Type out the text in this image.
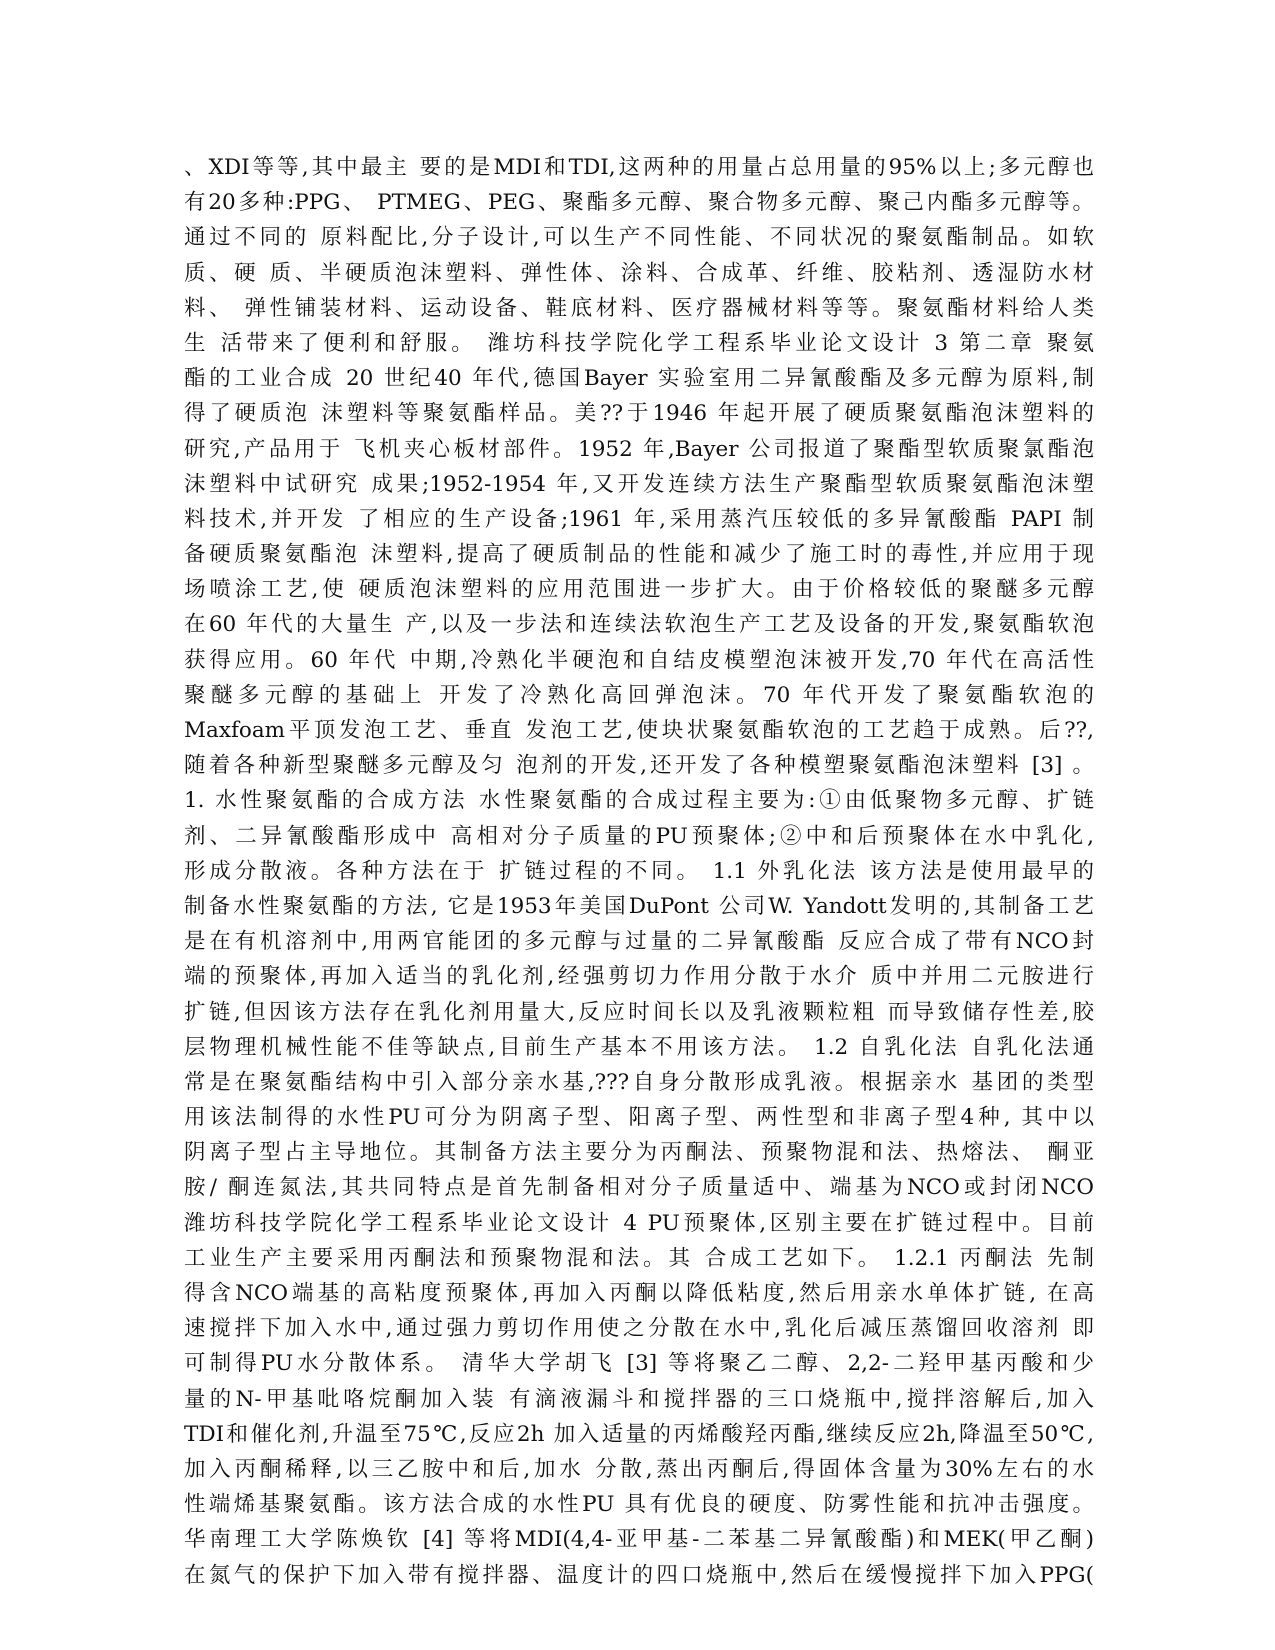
、XDI等等,其中最主 要的是MDI和TDI,这两种的用量占总用量的95%以上;多元醇也
有20多种:PPG、 PTMEG、PEG、聚酯多元醇、聚合物多元醇、聚己内酯多元醇等。
通过不同的 原料配比,分子设计,可以生产不同性能、不同状况的聚氨酯制品。如软
质、硬 质、半硬质泡沫塑料、弹性体、涂料、合成革、纤维、胶粘剂、透湿防水材
料、 弹性铺装材料、运动设备、鞋底材料、医疗器械材料等等。聚氨酯材料给人类
生 活带来了便利和舒服。 潍坊科技学院化学工程系毕业论文设计 3 第二章 聚氨
酯的工业合成 20 世纪40 年代,德国Bayer 实验室用二异氰酸酯及多元醇为原料,制
得了硬质泡 沫塑料等聚氨酯样品。美??于1946 年起开展了硬质聚氨酯泡沫塑料的
研究,产品用于 飞机夹心板材部件。1952 年,Bayer 公司报道了聚酯型软质聚氯酯泡
沫塑料中试研究 成果;1952-1954 年,又开发连续方法生产聚酯型软质聚氨酯泡沫塑
料技术,并开发 了相应的生产设备;1961 年,采用蒸汽压较低的多异氰酸酯 PAPI 制
备硬质聚氨酯泡 沫塑料,提高了硬质制品的性能和减少了施工时的毒性,并应用于现
场喷涂工艺,使 硬质泡沫塑料的应用范围进一步扩大。由于价格较低的聚醚多元醇
在60 年代的大量生 产,以及一步法和连续法软泡生产工艺及设备的开发,聚氨酯软泡
获得应用。60 年代 中期,冷熟化半硬泡和自结皮模塑泡沫被开发,70 年代在高活性
聚醚多元醇的基础上 开发了冷熟化高回弹泡沫。70 年代开发了聚氨酯软泡的
Maxfoam平顶发泡工艺、垂直 发泡工艺,使块状聚氨酯软泡的工艺趋于成熟。后??,
随着各种新型聚醚多元醇及匀 泡剂的开发,还开发了各种模塑聚氨酯泡沫塑料 [3] 。
1. 水性聚氨酯的合成方法 水性聚氨酯的合成过程主要为:①由低聚物多元醇、扩链
剂、二异氰酸酯形成中 高相对分子质量的PU预聚体;②中和后预聚体在水中乳化,
形成分散液。各种方法在于 扩链过程的不同。 1.1 外乳化法 该方法是使用最早的
制备水性聚氨酯的方法, 它是1953年美国DuPont 公司W. Yandott发明的,其制备工艺
是在有机溶剂中,用两官能团的多元醇与过量的二异氰酸酯 反应合成了带有NCO封
端的预聚体,再加入适当的乳化剂,经强剪切力作用分散于水介 质中并用二元胺进行
扩链,但因该方法存在乳化剂用量大,反应时间长以及乳液颗粒粗 而导致储存性差,胶
层物理机械性能不佳等缺点,目前生产基本不用该方法。 1.2 自乳化法 自乳化法通
常是在聚氨酯结构中引入部分亲水基,???自身分散形成乳液。根据亲水 基团的类型
用该法制得的水性PU可分为阴离子型、阳离子型、两性型和非离子型4种, 其中以
阴离子型占主导地位。其制备方法主要分为丙酮法、预聚物混和法、热熔法、 酮亚
胺/ 酮连氮法,其共同特点是首先制备相对分子质量适中、端基为NCO或封闭NCO
潍坊科技学院化学工程系毕业论文设计 4 PU预聚体,区别主要在扩链过程中。目前
工业生产主要采用丙酮法和预聚物混和法。其 合成工艺如下。 1.2.1 丙酮法 先制
得含NCO端基的高粘度预聚体,再加入丙酮以降低粘度,然后用亲水单体扩链, 在高
速搅拌下加入水中,通过强力剪切作用使之分散在水中,乳化后减压蒸馏回收溶剂 即
可制得PU水分散体系。 清华大学胡飞 [3] 等将聚乙二醇、2,2-二羟甲基丙酸和少
量的N-甲基吡咯烷酮加入装 有滴液漏斗和搅拌器的三口烧瓶中,搅拌溶解后,加入
TDI和催化剂,升温至75℃,反应2h 加入适量的丙烯酸羟丙酯,继续反应2h,降温至50℃,
加入丙酮稀释,以三乙胺中和后,加水 分散,蒸出丙酮后,得固体含量为30%左右的水
性端烯基聚氨酯。该方法合成的水性PU 具有优良的硬度、防雾性能和抗冲击强度。
华南理工大学陈焕钦 [4] 等将MDI(4,4-亚甲基-二苯基二异氰酸酯)和MEK(甲乙酮)
在氮气的保护下加入带有搅拌器、温度计的四口烧瓶中,然后在缓慢搅拌下加入PPG(
